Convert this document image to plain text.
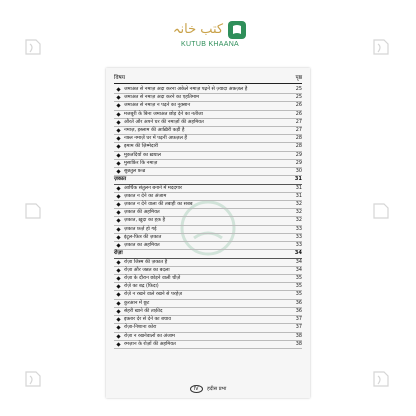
کتب خانہ
KUTUB KHAANA
विषय	पृष्ठ
जमाअत से नमाज़ अदा करना अकेले नमाज़ पढ़ने से ज़्यादा अफ़ज़ल है	25
जमाअत से नमाज़ अदा करने का एहतिमाम	25
जमाअत से नमाज़ न पढ़ने का नुक़्सान	26
मजबूरी के बिना जमाअत छोड़ देने का नतीजा	26
औरतें और अपने घर की नमाज़ों की अहमियत	27
नमाज़, इस्लाम की आख़िरी कड़ी है	27
नफ़्ल नमाज़ें घर में पढ़नी अफ़ज़ल हैं	28
इमाम की ज़िम्मेदारी	28
मुक़तदियों का ख़याल	29
मुसाफ़िर कि नमाज़	29
सुन्नतुल फ़ज्र	30
ज़कात	31
आर्थिक संतुलन बनाने में मददगार	31
ज़कात न देने का अंजाम	31
ज़कात न देने वाला की तबाही का सबब	32
ज़कात की अहमियत	32
ज़कात, ख़ुदा का हक़ है	32
ज़कात फ़र्ज़ हो गई	33
इंटूल-फ़ित्र की ज़कात	33
ज़कात का अहमियत	33
रोज़ा	34
रोज़ा जिस्म की ज़कात है	34
रोज़ा और जन्नत का बदला	34
रोज़ा के दौरान छोड़ने वाली चीज़ें	35
रोज़े का बद्र (फ़िदा)	35
रोज़े न रखने वाले रखने से परहेज़	35
क़ुरआन में छूट	36
सेहरी खाने की ताक़ीद	36
इफ़्तार देर से देने का बचाव	37
रोज़ा-निशाना कोरा	37
रोज़ा न रखनेवालों का अंजाम	38
रमज़ान के रोज़ों की अहमियत	38
IV हदीस प्रभा
